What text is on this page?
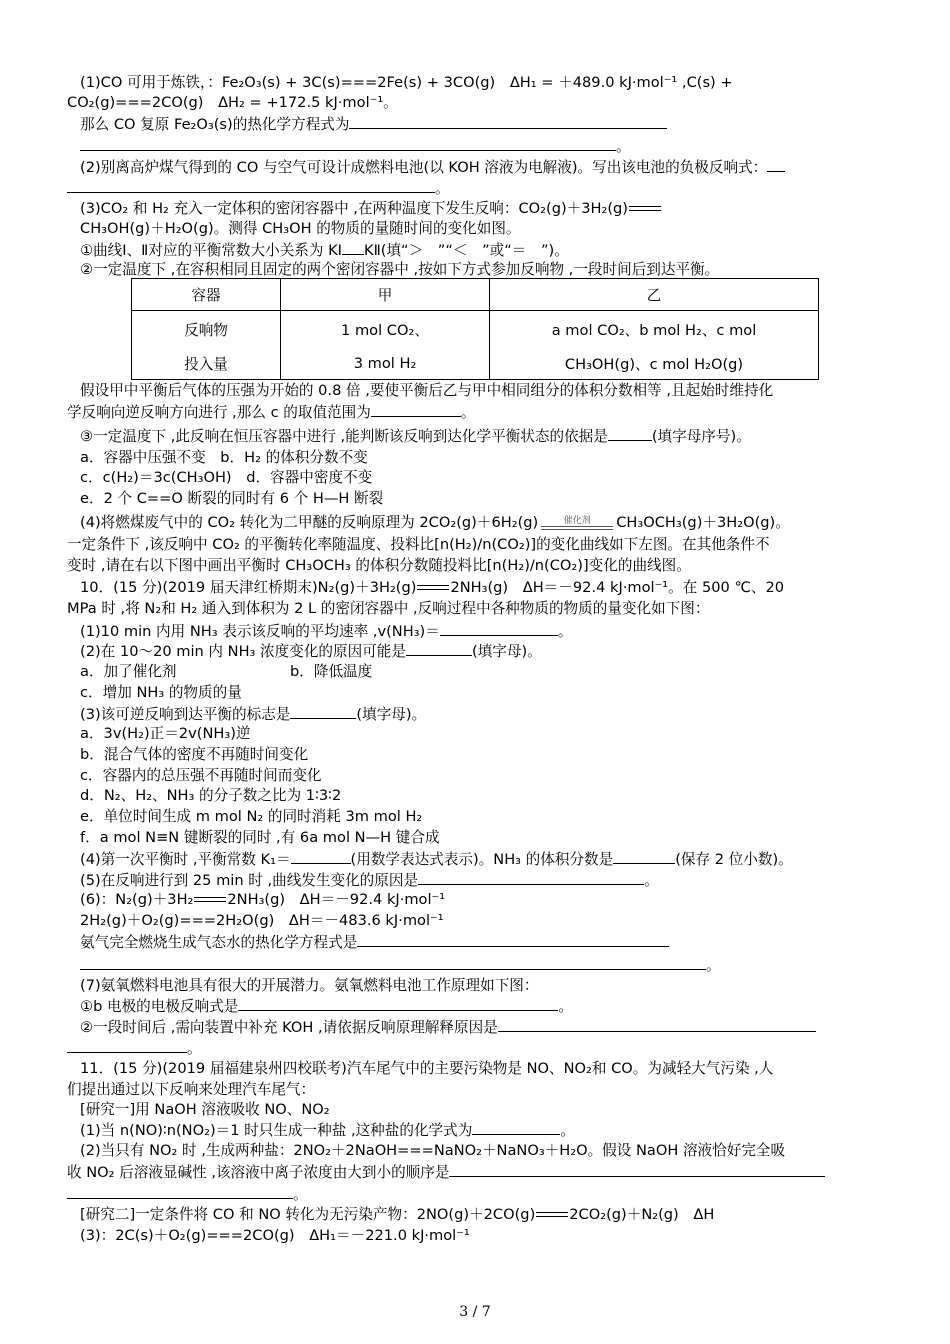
(1)CO 可用于炼铁，：Fe₂O₃(s) + 3C(s)===2Fe(s) + 3CO(g)　ΔH₁ = ＋489.0 kJ·mol⁻¹ ,C(s) +
CO₂(g)===2CO(g)　ΔH₂ = +172.5 kJ·mol⁻¹。
那么 CO 复原 Fe₂O₃(s)的热化学方程式为
。
(2)别离高炉煤气得到的 CO 与空气可设计成燃料电池(以 KOH 溶液为电解液)。写出该电池的负极反响式：
。
(3)CO₂ 和 H₂ 充入一定体积的密闭容器中 ,在两种温度下发生反响：CO₂(g)＋3H₂(g)
CH₃OH(g)＋H₂O(g)。测得 CH₃OH 的物质的量随时间的变化如图。
①曲线Ⅰ、Ⅱ对应的平衡常数大小关系为 KⅠ KⅡ(填“＞　”“＜　”或“＝　”)。
②一定温度下 ,在容积相同且固定的两个密闭容器中 ,按如下方式参加反响物 ,一段时间后到达平衡。
容器	甲	乙
反响物	1 mol CO₂、	a mol CO₂、b mol H₂、c mol
投入量	3 mol H₂	CH₃OH(g)、c mol H₂O(g)
假设甲中平衡后气体的压强为开始的 0.8 倍 ,要使平衡后乙与甲中相同组分的体积分数相等 ,且起始时维持化
学反响向逆反响方向进行 ,那么 c 的取值范围为	。
③一定温度下 ,此反响在恒压容器中进行 ,能判断该反响到达化学平衡状态的依据是	(填字母序号)。
a．容器中压强不变　b．H₂ 的体积分数不变
c．c(H₂)＝3c(CH₃OH)　d．容器中密度不变
e．2 个 C==O 断裂的同时有 6 个 H—H 断裂
(4)将燃煤废气中的 CO₂ 转化为二甲醚的反响原理为 2CO₂(g)＋6H₂(g)	催化剂	CH₃OCH₃(g)＋3H₂O(g)。
一定条件下 ,该反响中 CO₂ 的平衡转化率随温度、投料比[n(H₂)/n(CO₂)]的变化曲线如下左图。在其他条件不
变时 ,请在右以下图中画出平衡时 CH₃OCH₃ 的体积分数随投料比[n(H₂)/n(CO₂)]变化的曲线图。
10．(15 分)(2019 届天津红桥期末)N₂(g)＋3H₂(g) 2NH₃(g)　ΔH＝－92.4 kJ·mol⁻¹。在 500 ℃、20
MPa 时 ,将 N₂和 H₂ 通入到体积为 2 L 的密闭容器中 ,反响过程中各种物质的物质的量变化如下图：
(1)10 min 内用 NH₃ 表示该反响的平均速率 ,v(NH₃)＝	。
(2)在 10～20 min 内 NH₃ 浓度变化的原因可能是	(填字母)。
a．加了催化剂	b．降低温度
c．增加 NH₃ 的物质的量
(3)该可逆反响到达平衡的标志是	(填字母)。
a．3v(H₂)正＝2v(NH₃)逆
b．混合气体的密度不再随时间变化
c．容器内的总压强不再随时间而变化
d．N₂、H₂、NH₃ 的分子数之比为 1∶3∶2
e．单位时间生成 m mol N₂ 的同时消耗 3m mol H₂
f．a mol N≡N 键断裂的同时 ,有 6a mol N—H 键合成
(4)第一次平衡时 ,平衡常数 K₁＝	(用数学表达式表示)。NH₃ 的体积分数是	(保存 2 位小数)。
(5)在反响进行到 25 min 时 ,曲线发生变化的原因是	。
(6)：N₂(g)＋3H₂ 2NH₃(g)　ΔH＝－92.4 kJ·mol⁻¹
2H₂(g)＋O₂(g)===2H₂O(g)　ΔH＝－483.6 kJ·mol⁻¹
氨气完全燃烧生成气态水的热化学方程式是
。
(7)氨氧燃料电池具有很大的开展潜力。氨氧燃料电池工作原理如下图：
①b 电极的电极反响式是	。
②一段时间后 ,需向装置中补充 KOH ,请依据反响原理解释原因是
。
11．(15 分)(2019 届福建泉州四校联考)汽车尾气中的主要污染物是 NO、NO₂和 CO。为减轻大气污染 ,人
们提出通过以下反响来处理汽车尾气：
[研究一]用 NaOH 溶液吸收 NO、NO₂
(1)当 n(NO)∶n(NO₂)＝1 时只生成一种盐 ,这种盐的化学式为	。
(2)当只有 NO₂ 时 ,生成两种盐：2NO₂＋2NaOH===NaNO₂＋NaNO₃＋H₂O。假设 NaOH 溶液恰好完全吸
收 NO₂ 后溶液显碱性 ,该溶液中离子浓度由大到小的顺序是
。
[研究二]一定条件将 CO 和 NO 转化为无污染产物：2NO(g)＋2CO(g) 2CO₂(g)＋N₂(g)　ΔH
(3)：2C(s)＋O₂(g)===2CO(g)　ΔH₁＝－221.0 kJ·mol⁻¹
3 / 7
